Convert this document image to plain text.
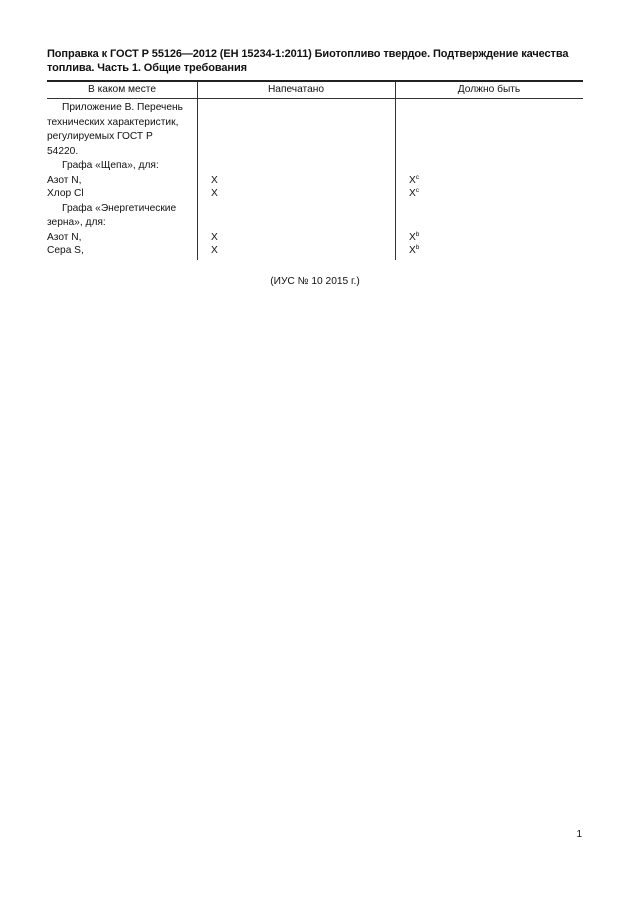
Поправка к ГОСТ Р 55126—2012 (ЕН 15234-1:2011) Биотопливо твердое. Подтверждение качества топлива. Часть 1. Общие требования
В каком месте	Напечатано	Должно быть
Приложение В. Перечень
технических характеристик,
регулируемых ГОСТ Р
54220.
Графа «Щепа», для:
Азот N,
Хлор Cl
Графа «Энергетические
зерна», для:
Азот N,
Сера S,
Х
Х
Х
Х
$Х^c$
$Х^c$
$Х^b$
$Х^b$
(ИУС № 10 2015 г.)
1
